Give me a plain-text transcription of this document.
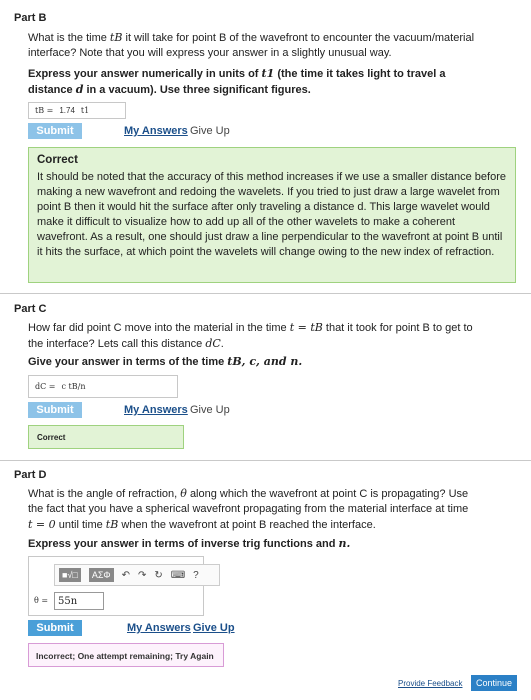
Part B
What is the time tB it will take for point B of the wavefront to encounter the vacuum/material
interface? Note that you will express your answer in a slightly unusual way.
Express your answer numerically in units of t1 (the time it takes light to travel a
distance d in a vacuum). Use three significant figures.
tB = 1.74 t1
Submit	My Answers Give Up
Correct
It should be noted that the accuracy of this method increases if we use a smaller distance before making a new wavefront and redoing the wavelets. If you tried to just draw a large wavelet from point B then it would hit the surface after only traveling a distance d. This large wavelet would make it difficult to visualize how to add up all of the other wavelets to make a coherent wavefront. As a result, one should just draw a line perpendicular to the wavefront at point B until it hits the surface, at which point the wavelets will change owing to the new index of refraction.
Part C
How far did point C move into the material in the time t = tB that it took for point B to get to
the interface? Lets call this distance dC.
Give your answer in terms of the time tB, c, and n.
dC = c tB/n
Submit	My Answers Give Up
Correct
Part D
What is the angle of refraction, θ along which the wavefront at point C is propagating? Use
the fact that you have a spherical wavefront propagating from the material interface at time
t = 0 until time tB when the wavefront at point B reached the interface.
Express your answer in terms of inverse trig functions and n.
■√□	ΑΣΦ	↶ ↷ ↻ ⌨ ?
θ = 55n
Submit	My Answers Give Up
Incorrect; One attempt remaining; Try Again
Provide Feedback	Continue
